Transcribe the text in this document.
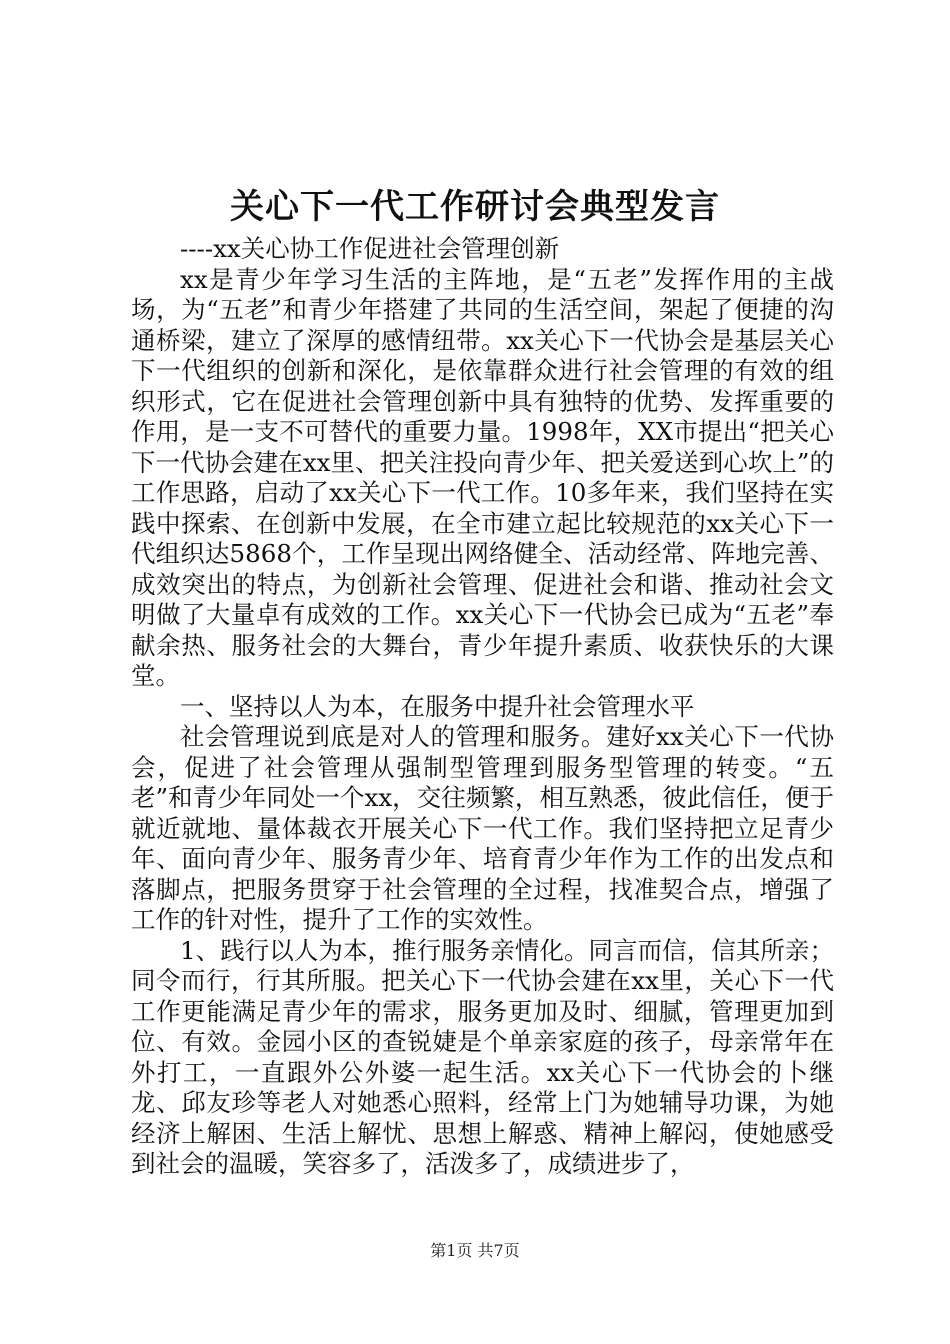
关心下一代工作研讨会典型发言

----xx关心协工作促进社会管理创新

xx是青少年学习生活的主阵地，是“五老”发挥作用的主战场，为“五老”和青少年搭建了共同的生活空间，架起了便捷的沟通桥梁，建立了深厚的感情纽带。xx关心下一代协会是基层关心下一代组织的创新和深化，是依靠群众进行社会管理的有效的组织形式，它在促进社会管理创新中具有独特的优势、发挥重要的作用，是一支不可替代的重要力量。1998年，XX市提出“把关心下一代协会建在xx里、把关注投向青少年、把关爱送到心坎上”的工作思路，启动了xx关心下一代工作。10多年来，我们坚持在实践中探索、在创新中发展，在全市建立起比较规范的xx关心下一代组织达5868个，工作呈现出网络健全、活动经常、阵地完善、成效突出的特点，为创新社会管理、促进社会和谐、推动社会文明做了大量卓有成效的工作。xx关心下一代协会已成为“五老”奉献余热、服务社会的大舞台，青少年提升素质、收获快乐的大课堂。

一、坚持以人为本，在服务中提升社会管理水平

社会管理说到底是对人的管理和服务。建好xx关心下一代协会，促进了社会管理从强制型管理到服务型管理的转变。“五老”和青少年同处一个xx，交往频繁，相互熟悉，彼此信任，便于就近就地、量体裁衣开展关心下一代工作。我们坚持把立足青少年、面向青少年、服务青少年、培育青少年作为工作的出发点和落脚点，把服务贯穿于社会管理的全过程，找准契合点，增强了工作的针对性，提升了工作的实效性。

1、践行以人为本，推行服务亲情化。同言而信，信其所亲；同令而行，行其所服。把关心下一代协会建在xx里，关心下一代工作更能满足青少年的需求，服务更加及时、细腻，管理更加到位、有效。金园小区的查锐婕是个单亲家庭的孩子，母亲常年在外打工，一直跟外公外婆一起生活。xx关心下一代协会的卜继龙、邱友珍等老人对她悉心照料，经常上门为她辅导功课，为她经济上解困、生活上解忧、思想上解惑、精神上解闷，使她感受到社会的温暖，笑容多了，活泼多了，成绩进步了，

第1页 共7页
